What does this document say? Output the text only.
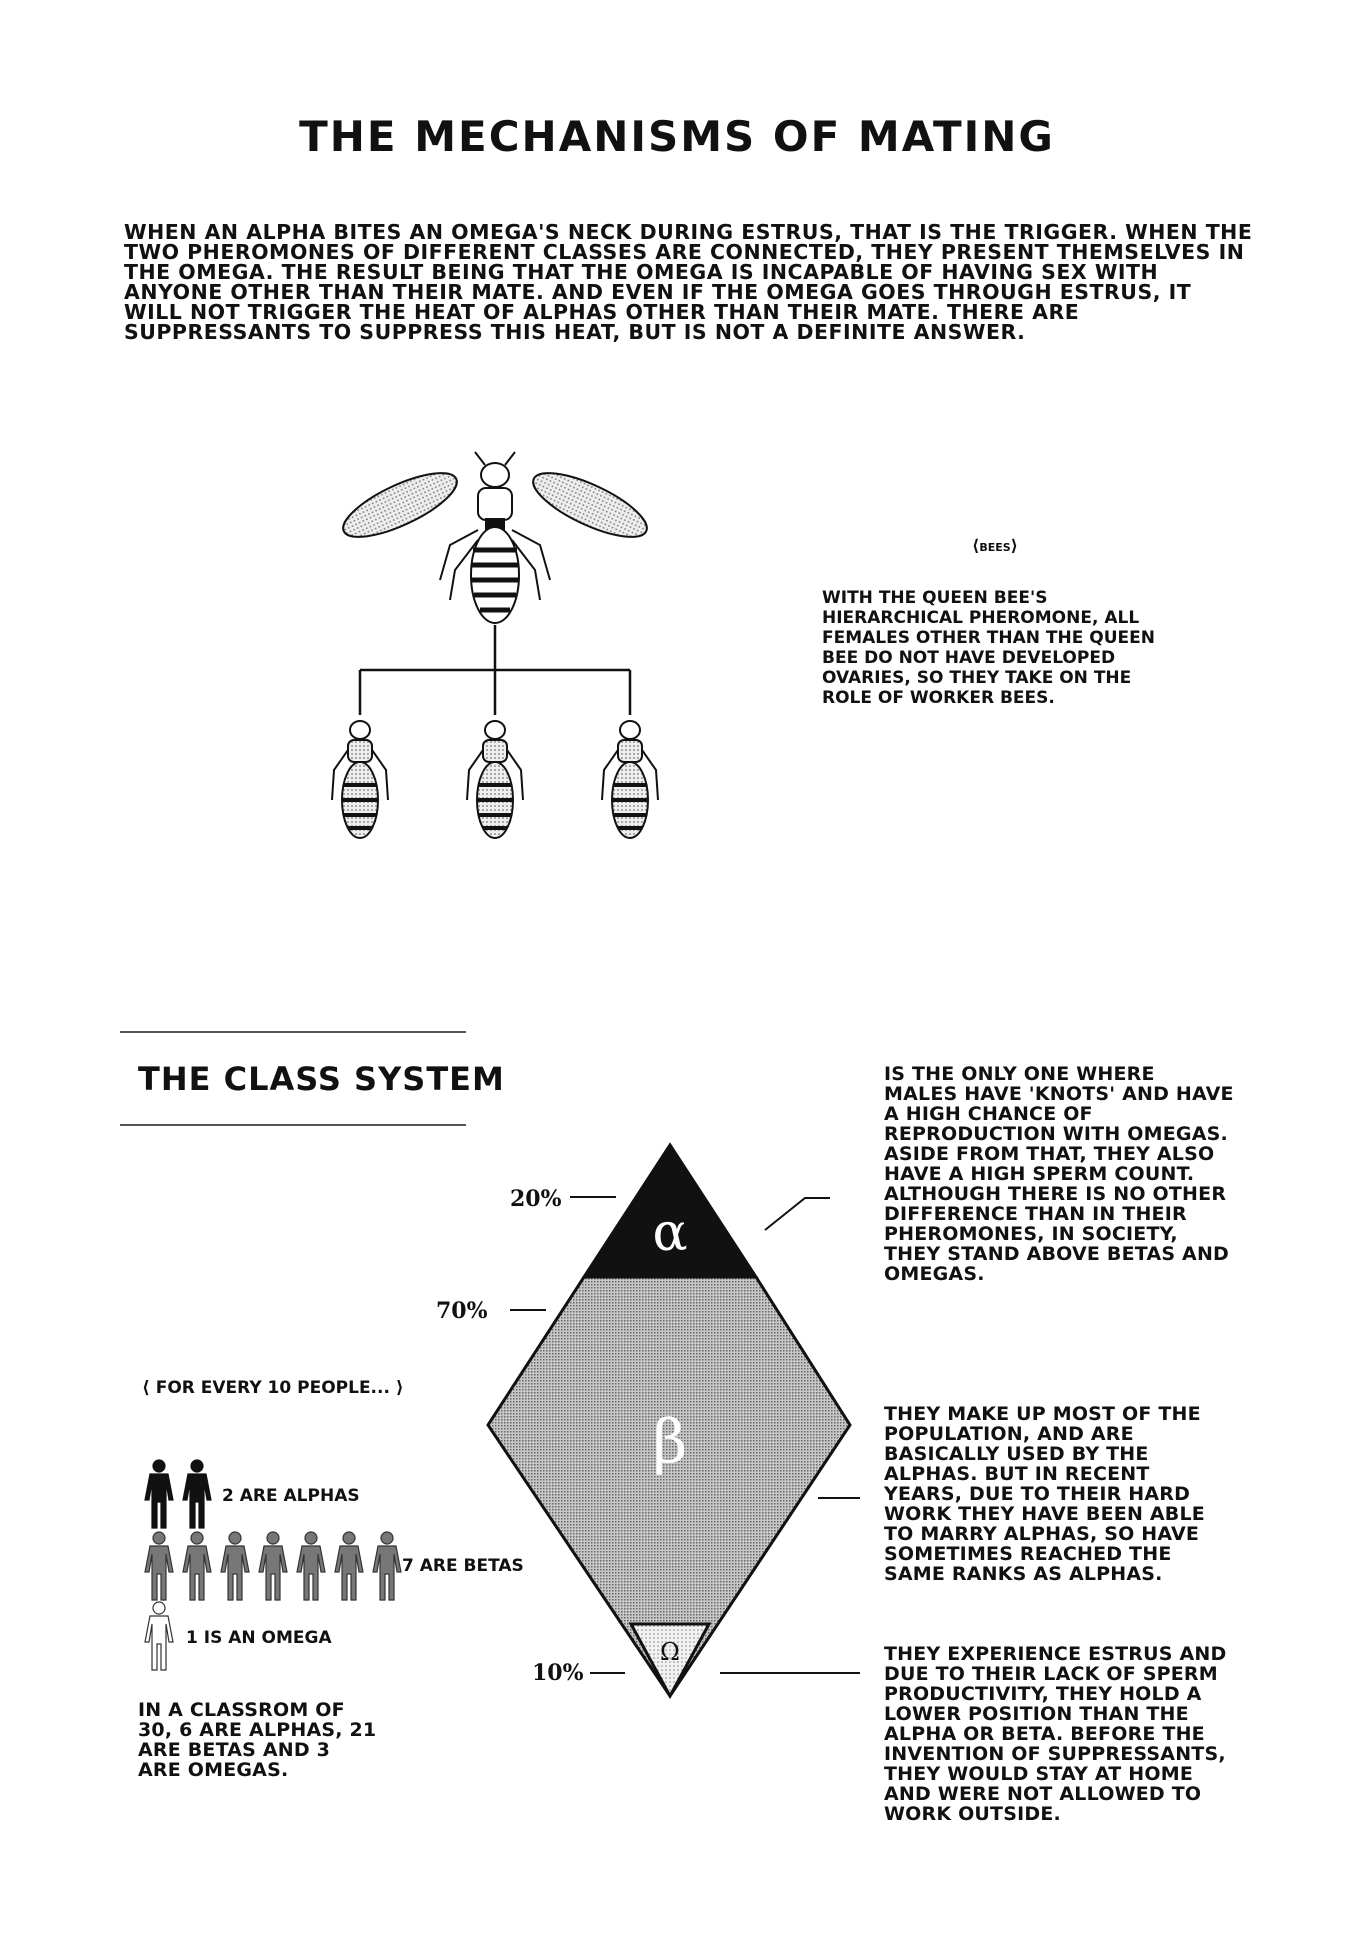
THE MECHANISMS OF MATING
WHEN AN ALPHA BITES AN OMEGA'S NECK DURING ESTRUS, THAT IS THE TRIGGER. WHEN THE TWO PHEROMONES OF DIFFERENT CLASSES ARE CONNECTED, THEY PRESENT THEMSELVES IN THE OMEGA. THE RESULT BEING THAT THE OMEGA IS INCAPABLE OF HAVING SEX WITH ANYONE OTHER THAN THEIR MATE. AND EVEN IF THE OMEGA GOES THROUGH ESTRUS, IT WILL NOT TRIGGER THE HEAT OF ALPHAS OTHER THAN THEIR MATE. THERE ARE SUPPRESSANTS TO SUPPRESS THIS HEAT, BUT IS NOT A DEFINITE ANSWER.
⟨BEES⟩
WITH THE QUEEN BEE'S HIERARCHICAL PHEROMONE, ALL FEMALES OTHER THAN THE QUEEN BEE DO NOT HAVE DEVELOPED OVARIES, SO THEY TAKE ON THE ROLE OF WORKER BEES.
THE CLASS SYSTEM
α
β
Ω
20%
70%
10%
IS THE ONLY ONE WHERE MALES HAVE 'KNOTS' AND HAVE A HIGH CHANCE OF REPRODUCTION WITH OMEGAS. ASIDE FROM THAT, THEY ALSO HAVE A HIGH SPERM COUNT. ALTHOUGH THERE IS NO OTHER DIFFERENCE THAN IN THEIR PHEROMONES, IN SOCIETY, THEY STAND ABOVE BETAS AND OMEGAS.
THEY MAKE UP MOST OF THE POPULATION, AND ARE BASICALLY USED BY THE ALPHAS. BUT IN RECENT YEARS, DUE TO THEIR HARD WORK THEY HAVE BEEN ABLE TO MARRY ALPHAS, SO HAVE SOMETIMES REACHED THE SAME RANKS AS ALPHAS.
THEY EXPERIENCE ESTRUS AND DUE TO THEIR LACK OF SPERM PRODUCTIVITY, THEY HOLD A LOWER POSITION THAN THE ALPHA OR BETA. BEFORE THE INVENTION OF SUPPRESSANTS, THEY WOULD STAY AT HOME AND WERE NOT ALLOWED TO WORK OUTSIDE.
⟨ FOR EVERY 10 PEOPLE... ⟩
2 ARE ALPHAS
7 ARE BETAS
1 IS AN OMEGA
IN A CLASSROM OF 30, 6 ARE ALPHAS, 21 ARE BETAS AND 3 ARE OMEGAS.
